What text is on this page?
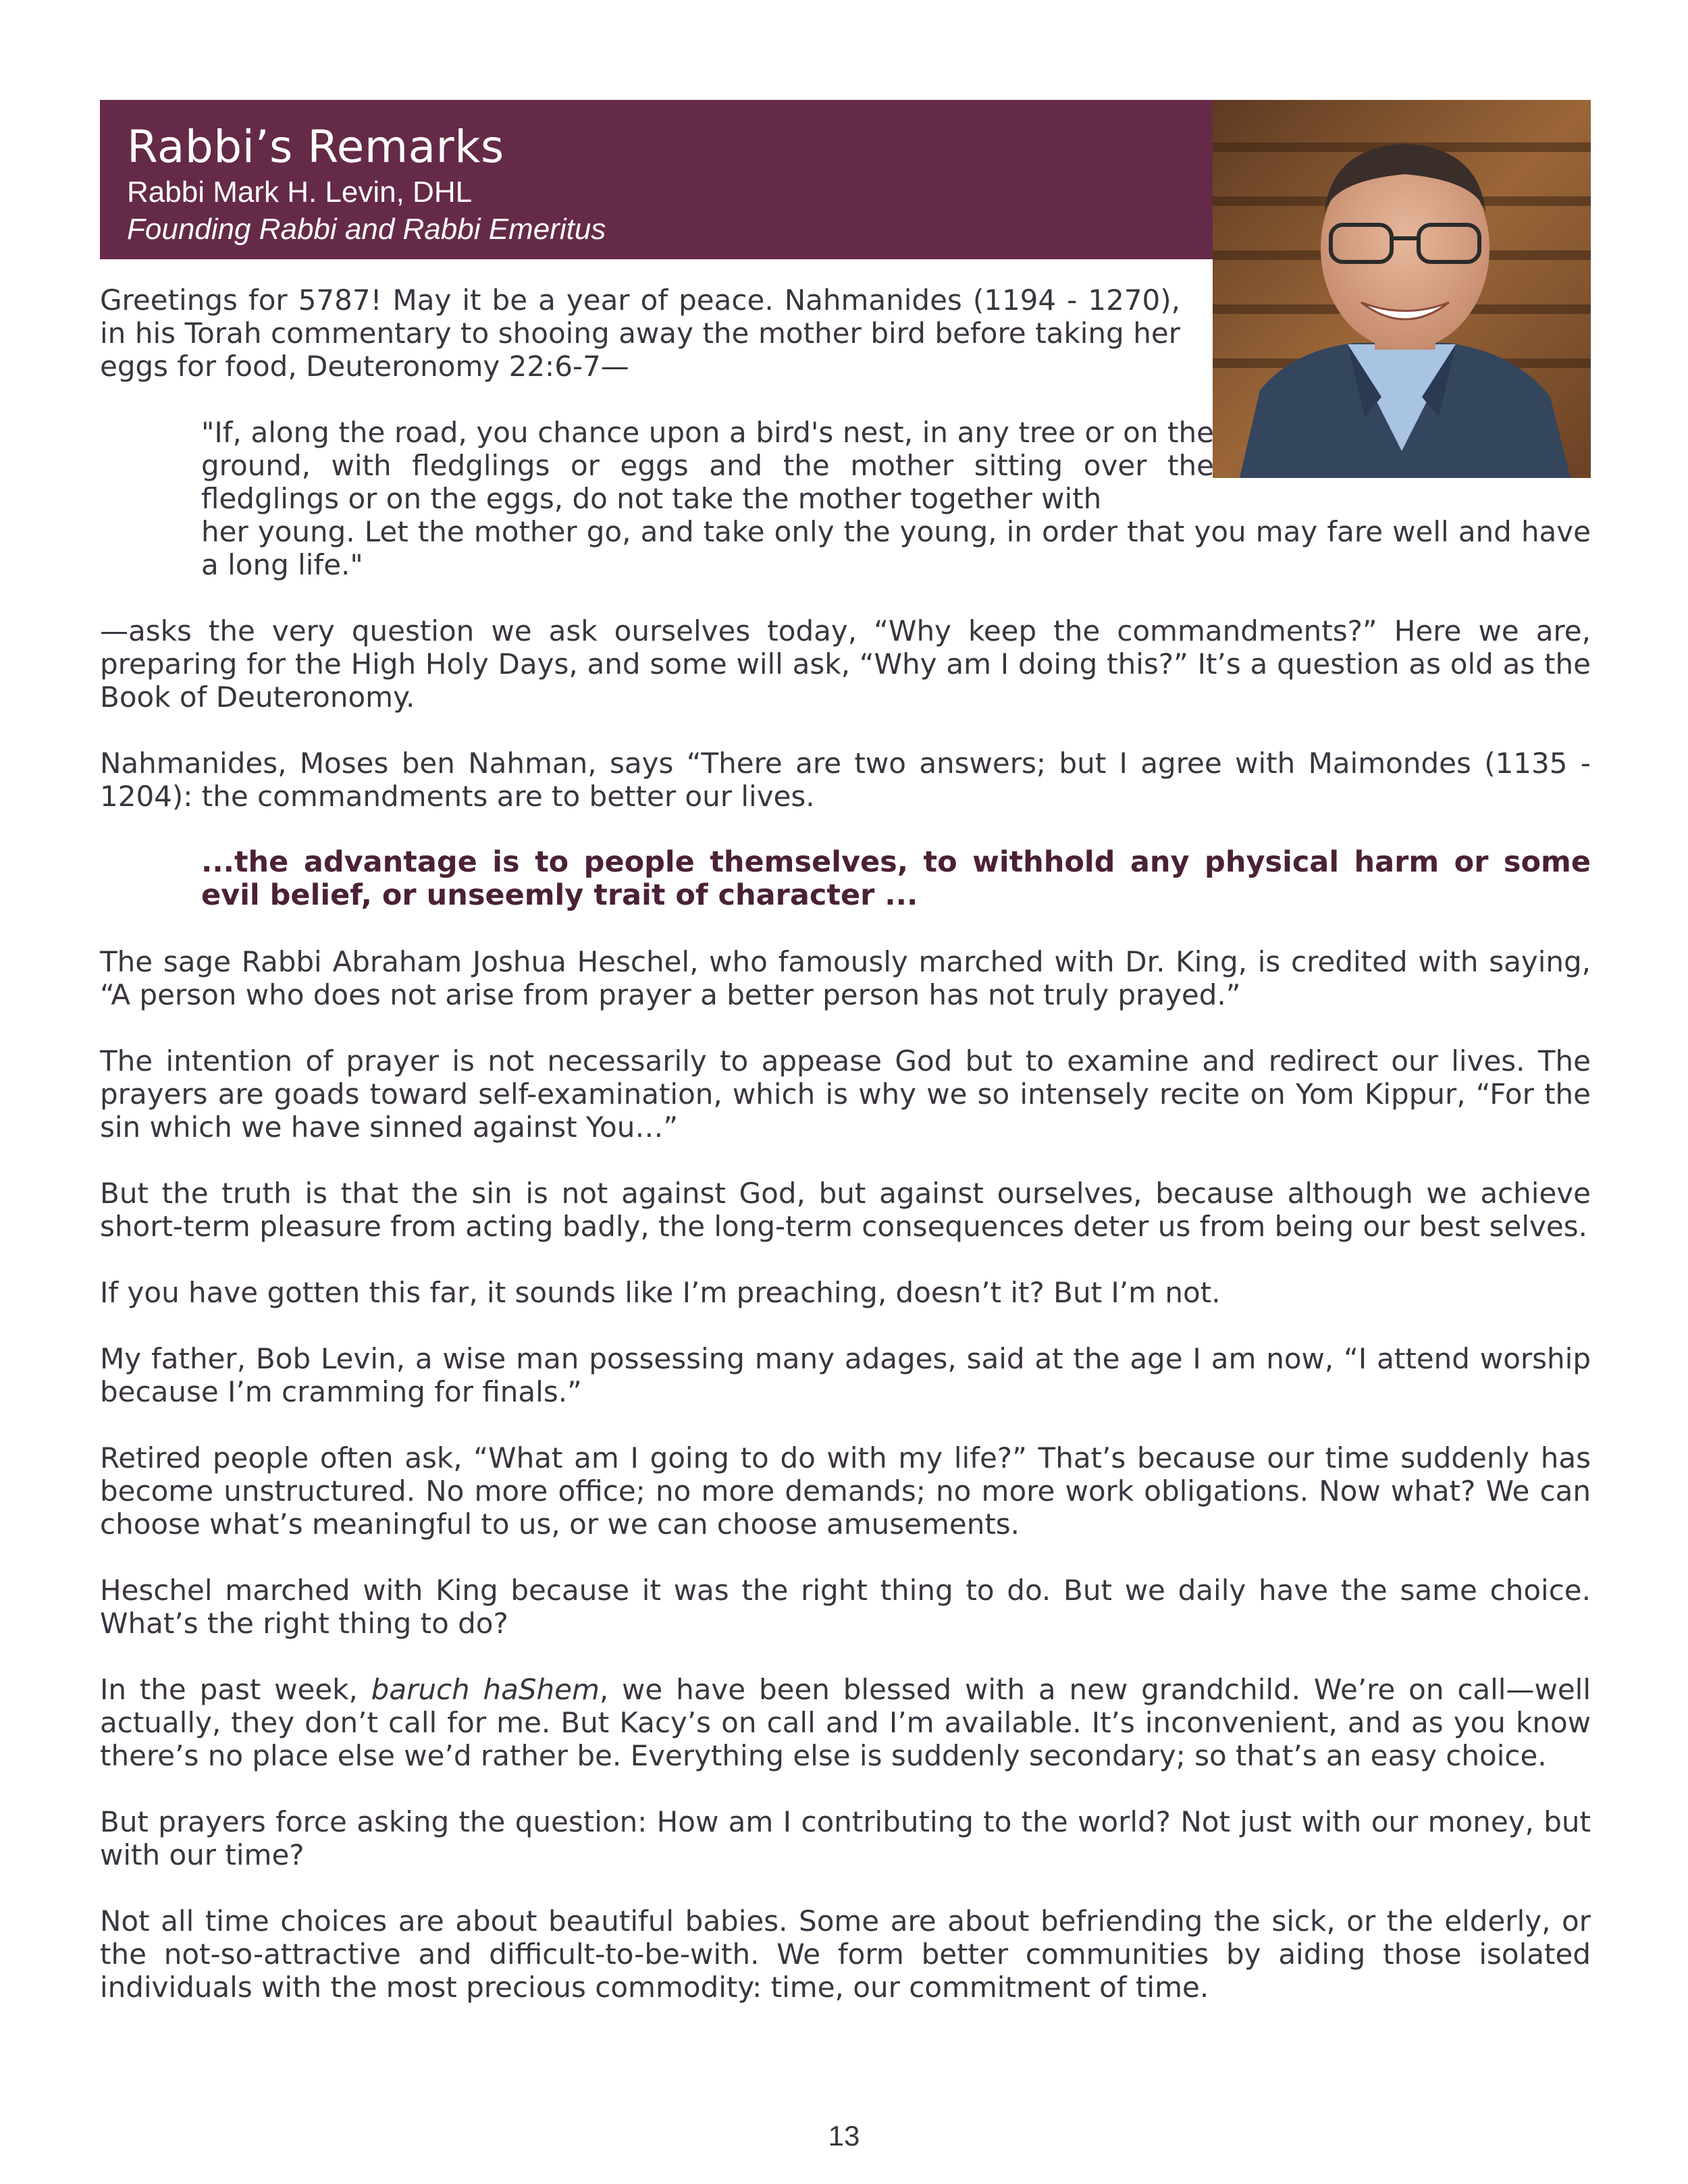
Rabbi’s Remarks
Rabbi Mark H. Levin, DHL
Founding Rabbi and Rabbi Emeritus

Greetings for 5787! May it be a year of peace. Nahmanides (1194 - 1270), in his Torah commentary to shooing away the mother bird before taking her eggs for food, Deuteronomy 22:6-7—

"If, along the road, you chance upon a bird's nest, in any tree or on the ground, with fledglings or eggs and the mother sitting over the fledglings or on the eggs, do not take the mother together with
her young. Let the mother go, and take only the young, in order that you may fare well and have a long life."

—asks the very question we ask ourselves today, “Why keep the commandments?” Here we are, preparing for the High Holy Days, and some will ask, “Why am I doing this?” It’s a question as old as the Book of Deuteronomy.

Nahmanides, Moses ben Nahman, says “There are two answers; but I agree with Maimondes (1135 - 1204): the commandments are to better our lives.

...the advantage is to people themselves, to withhold any physical harm or some evil belief, or unseemly trait of character ...

The sage Rabbi Abraham Joshua Heschel, who famously marched with Dr. King, is credited with saying, “A person who does not arise from prayer a better person has not truly prayed.”

The intention of prayer is not necessarily to appease God but to examine and redirect our lives. The prayers are goads toward self-examination, which is why we so intensely recite on Yom Kippur, “For the sin which we have sinned against You…”

But the truth is that the sin is not against God, but against ourselves, because although we achieve short-term pleasure from acting badly, the long-term consequences deter us from being our best selves.

If you have gotten this far, it sounds like I’m preaching, doesn’t it? But I’m not.

My father, Bob Levin, a wise man possessing many adages, said at the age I am now, “I attend worship because I’m cramming for finals.”

Retired people often ask, “What am I going to do with my life?” That’s because our time suddenly has become unstructured. No more office; no more demands; no more work obligations. Now what? We can choose what’s meaningful to us, or we can choose amusements.

Heschel marched with King because it was the right thing to do. But we daily have the same choice. What’s the right thing to do?

In the past week, baruch haShem, we have been blessed with a new grandchild. We’re on call—well actually, they don’t call for me. But Kacy’s on call and I’m available. It’s inconvenient, and as you know there’s no place else we’d rather be. Everything else is suddenly secondary; so that’s an easy choice.

But prayers force asking the question: How am I contributing to the world? Not just with our money, but with our time?

Not all time choices are about beautiful babies. Some are about befriending the sick, or the elderly, or the not-so-attractive and difficult-to-be-with. We form better communities by aiding those isolated individuals with the most precious commodity: time, our commitment of time.

13
